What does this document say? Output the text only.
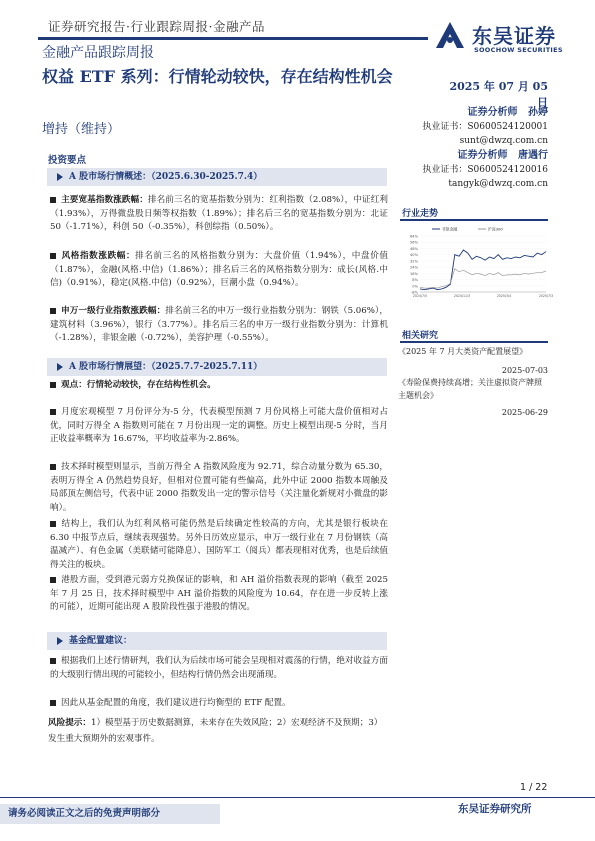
证券研究报告·行业跟踪周报·金融产品	东吴证券
SOOCHOW SECURITIES
金融产品跟踪周报
权益 ETF 系列：行情轮动较快，存在结构性机会
增持（维持）
2025 年 07 月 05 日
证券分析师 孙婷
执业证书：S0600524120001
sunt@dwzq.com.cn
证券分析师 唐遇行
执业证书：S0600524120016
tangyk@dwzq.com.cn
投资要点
A 股市场行情概述：（2025.6.30-2025.7.4）
主要宽基指数涨跌幅：排名前三名的宽基指数分别为：红利指数（2.08%），中证红利（1.93%），万得微盘股日频等权指数（1.89%）；排名后三名的宽基指数分别为：北证 50（-1.71%），科创 50（-0.35%），科创综指（0.50%）。
风格指数涨跌幅：排名前三名的风格指数分别为：大盘价值（1.94%），中盘价值（1.87%），金融(风格.中信)（1.86%）；排名后三名的风格指数分别为：成长(风格.中信)（0.91%），稳定(风格.中信)（0.92%），巨潮小盘（0.94%）。
申万一级行业指数涨跌幅：排名前三名的申万一级行业指数分别为：钢铁（5.06%），建筑材料（3.96%），银行（3.77%）。排名后三名的申万一级行业指数分别为：计算机（-1.28%），非银金融（-0.72%），美容护理（-0.55%）。
A 股市场行情展望：（2025.7.7-2025.7.11）
观点：行情轮动较快，存在结构性机会。
月度宏观模型 7 月份评分为-5 分，代表模型预测 7 月份风格上可能大盘价值相对占优，同时万得全 A 指数则可能在 7 月份出现一定的调整。历史上模型出现-5 分时，当月正收益率概率为 16.67%，平均收益率为-2.86%。
技术择时模型则显示，当前万得全 A 指数风险度为 92.71，综合动量分数为 65.30，表明万得全 A 仍然趋势良好，但相对位置可能有些偏高，此外中证 2000 指数本周触及局部顶左侧信号，代表中证 2000 指数发出一定的警示信号（关注量化新规对小微盘的影响）。
结构上，我们认为红利风格可能仍然是后续确定性较高的方向，尤其是银行板块在 6.30 中报节点后，继续表现强势。另外日历效应显示，申万一级行业在 7 月份钢铁（高温减产）、有色金属（美联储可能降息）、国防军工（阅兵）都表现相对优秀，也是后续值得关注的板块。
港股方面，受到港元弱方兑换保证的影响，和 AH 溢价指数表现的影响（截至 2025 年 7 月 25 日，技术择时模型中 AH 溢价指数的风险度为 10.64，存在进一步反转上涨的可能），近期可能出现 A 股阶段性强于港股的情况。
基金配置建议：
根据我们上述行情研判，我们认为后续市场可能会呈现相对震荡的行情，绝对收益方面的大级别行情出现的可能较小，但结构行情仍然会出现涌现。
因此从基金配置的角度，我们建议进行均衡型的 ETF 配置。
风险提示：1）模型基于历史数据测算，未来存在失效风险；2）宏观经济不及预期；3）发生重大预期外的宏观事件。
行业走势
64%
56%
48%
40%
32%
24%
16%
8%
0%
-8%
2024/7/5	2024/11/3	2025/3/4	2025/7/3
非银金融	沪深300
相关研究
《2025 年 7 月大类资产配置展望》
2025-07-03
《寿险保费持续高增；关注虚拟资产牌照主题机会》
2025-06-29
1 / 22
请务必阅读正文之后的免责声明部分	东吴证券研究所
